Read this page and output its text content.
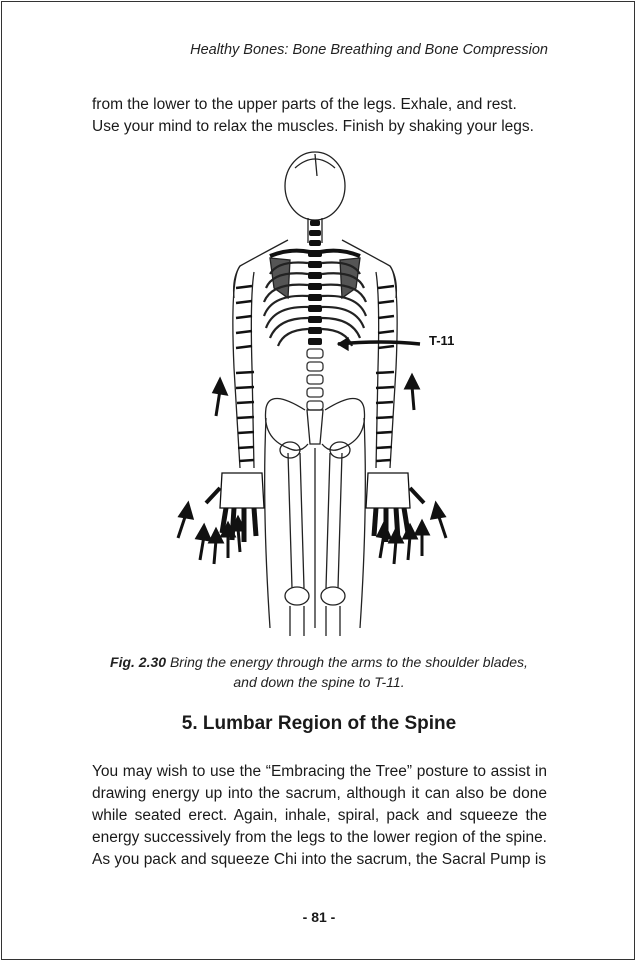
Healthy Bones: Bone Breathing and Bone Compression

from the lower to the upper parts of the legs. Exhale, and rest. Use your mind to relax the muscles. Finish by shaking your legs.

T-11
Fig. 2.30 Bring the energy through the arms to the shoulder blades,
and down the spine to T-11.
5. Lumbar Region of the Spine

You may wish to use the “Embracing the Tree” posture to assist in drawing energy up into the sacrum, although it can also be done while seated erect. Again, inhale, spiral, pack and squeeze the energy successively from the legs to the lower region of the spine. As you pack and squeeze Chi into the sacrum, the Sacral Pump is

- 81 -
